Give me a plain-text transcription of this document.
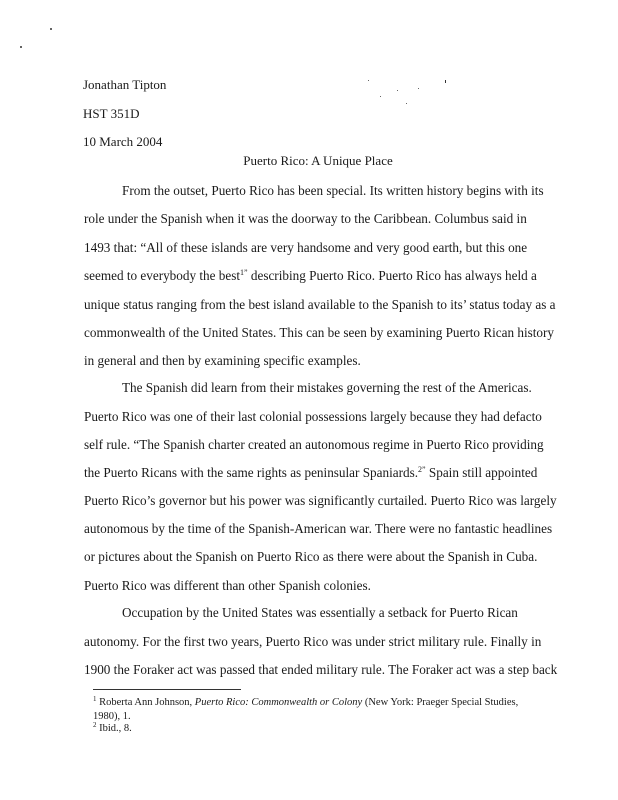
Jonathan Tipton
HST 351D
10 March 2004
Puerto Rico: A Unique Place
From the outset, Puerto Rico has been special. Its written history begins with its
role under the Spanish when it was the doorway to the Caribbean. Columbus said in
1493 that: “All of these islands are very handsome and very good earth, but this one
seemed to everybody the best$^{1”}$ describing Puerto Rico. Puerto Rico has always held a
unique status ranging from the best island available to the Spanish to its’ status today as a
commonwealth of the United States. This can be seen by examining Puerto Rican history
in general and then by examining specific examples.
The Spanish did learn from their mistakes governing the rest of the Americas.
Puerto Rico was one of their last colonial possessions largely because they had defacto
self rule. “The Spanish charter created an autonomous regime in Puerto Rico providing
the Puerto Ricans with the same rights as peninsular Spaniards.$^{2”}$ Spain still appointed
Puerto Rico’s governor but his power was significantly curtailed. Puerto Rico was largely
autonomous by the time of the Spanish-American war. There were no fantastic headlines
or pictures about the Spanish on Puerto Rico as there were about the Spanish in Cuba.
Puerto Rico was different than other Spanish colonies.
Occupation by the United States was essentially a setback for Puerto Rican
autonomy. For the first two years, Puerto Rico was under strict military rule. Finally in
1900 the Foraker act was passed that ended military rule. The Foraker act was a step back
$^1$ Roberta Ann Johnson, Puerto Rico: Commonwealth or Colony (New York: Praeger Special Studies,
1980), 1.
$^2$ Ibid., 8.
